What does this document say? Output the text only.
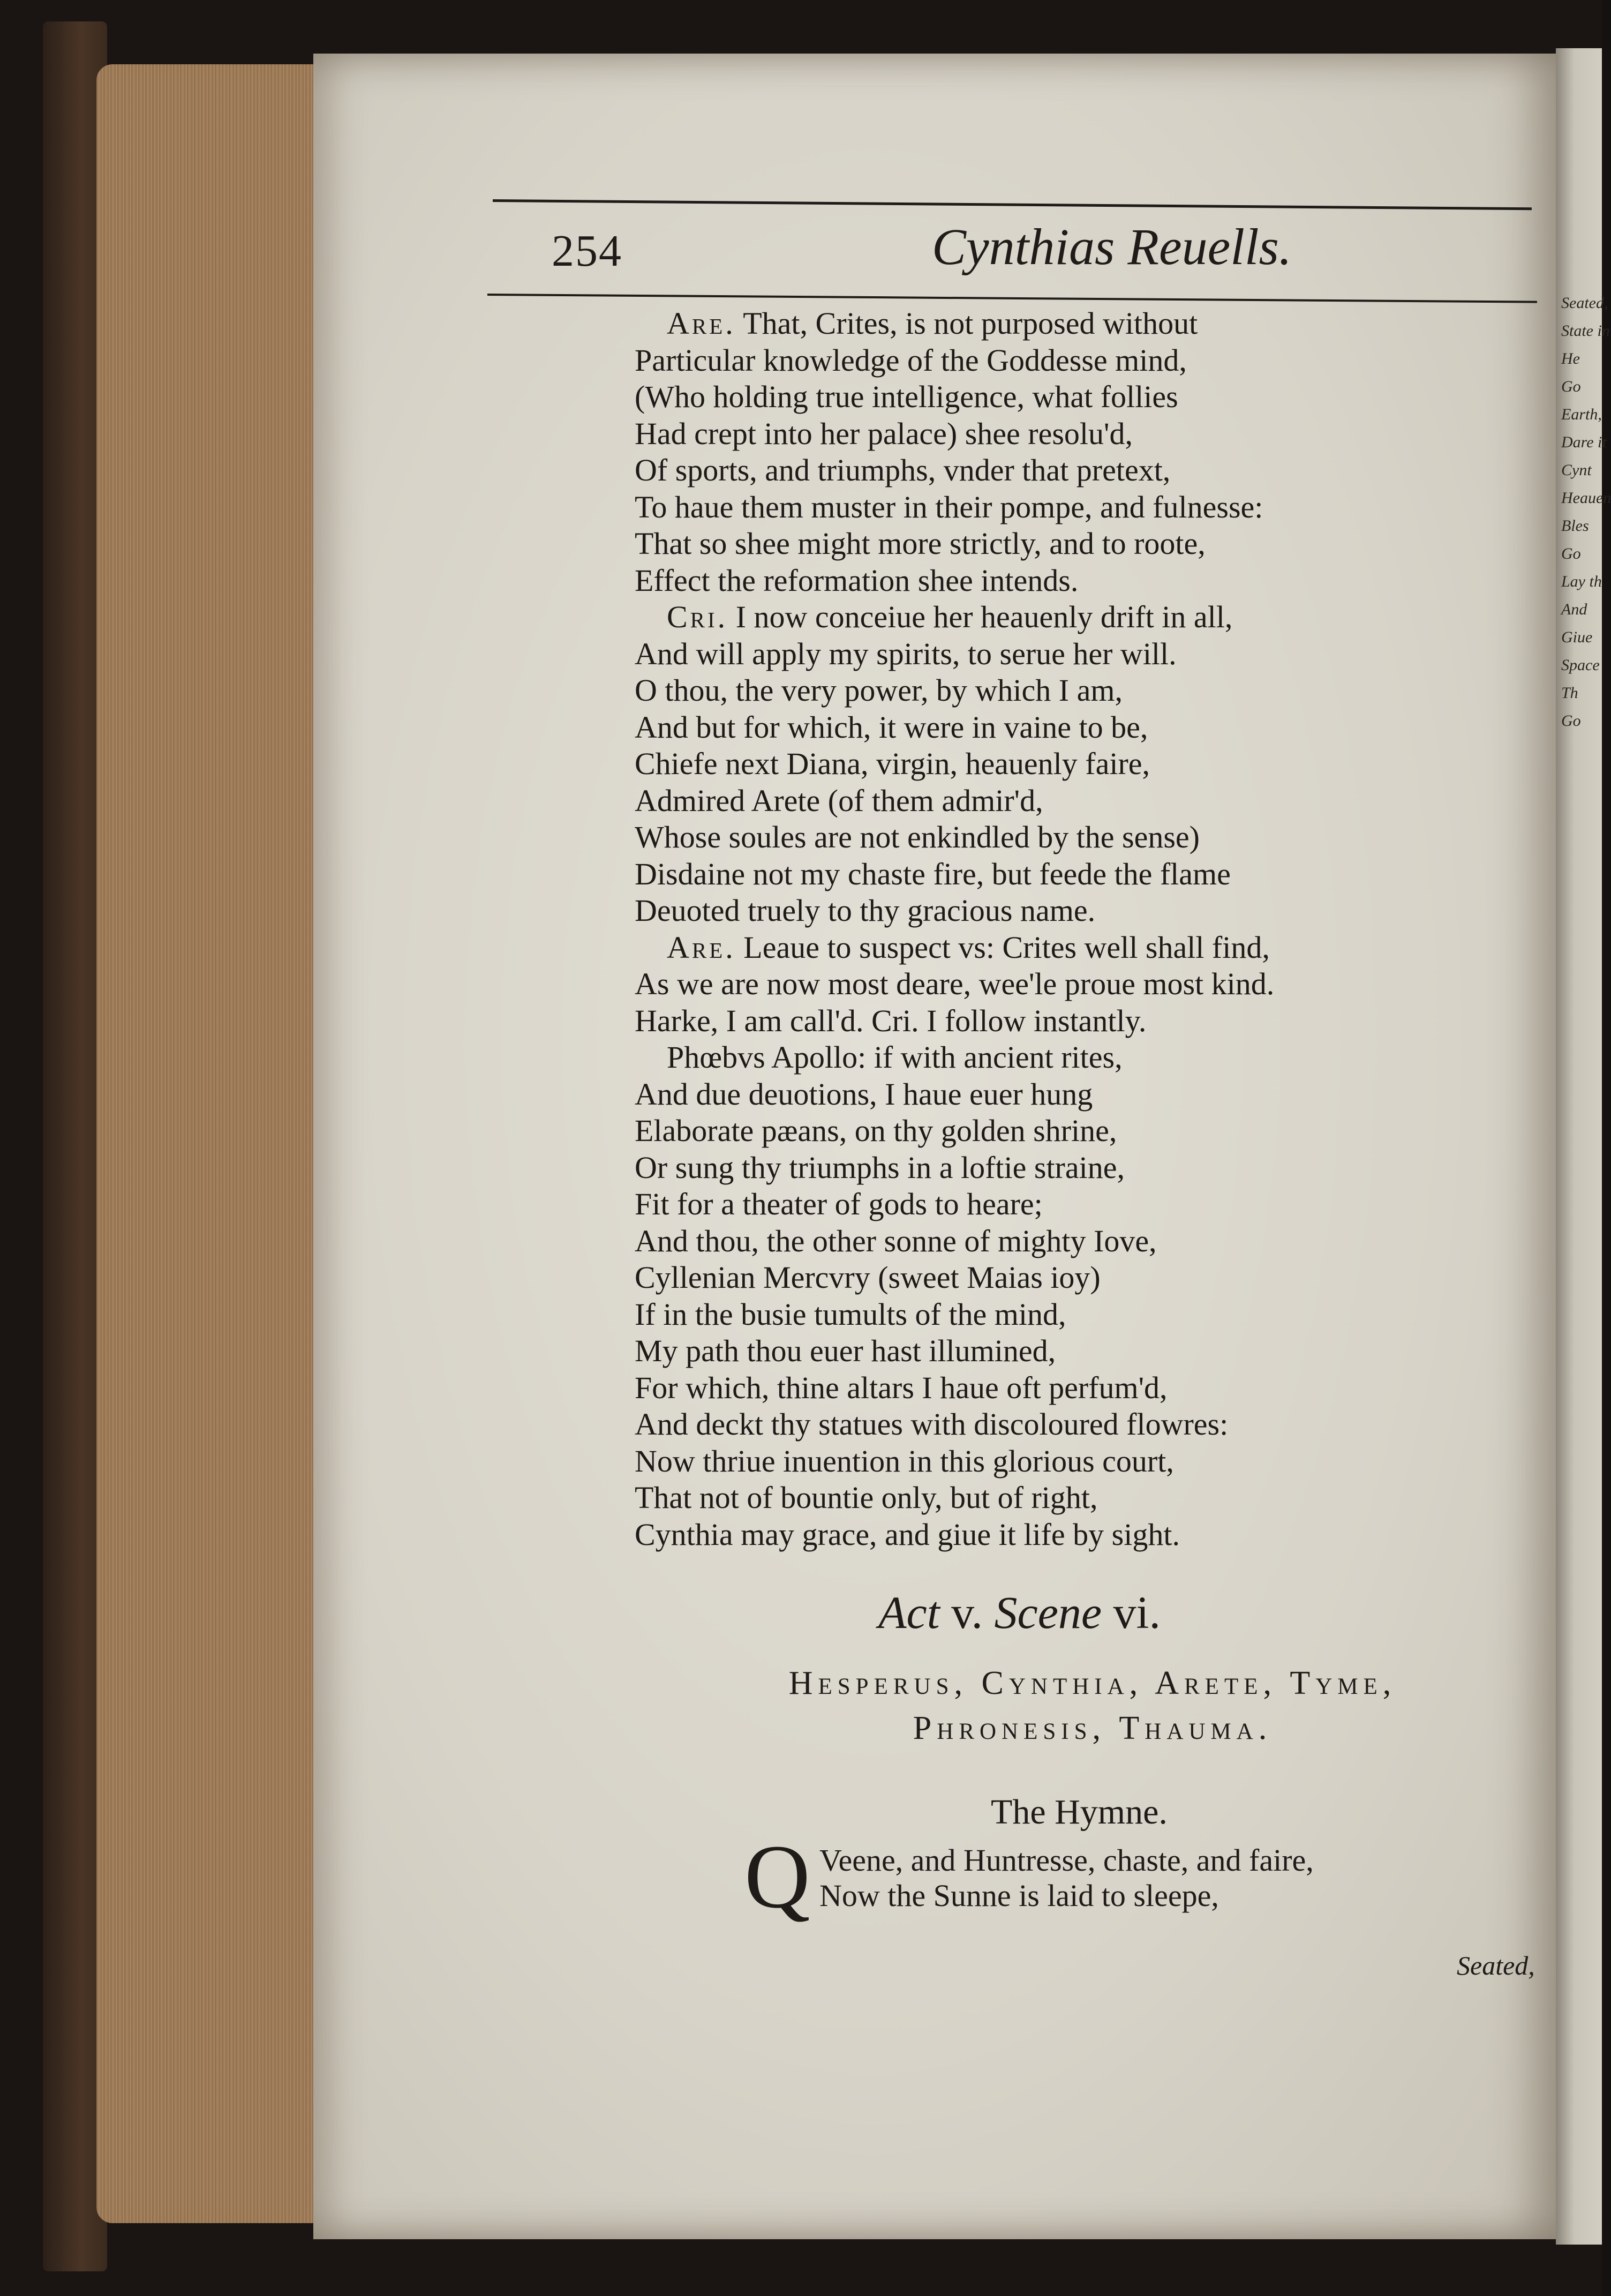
254	Cynthias Reuells.
Are. That, Crites, is not purposed without
Particular knowledge of the Goddesse mind,
(Who holding true intelligence, what follies
Had crept into her palace) shee resolu'd,
Of sports, and triumphs, vnder that pretext,
To haue them muster in their pompe, and fulnesse:
That so shee might more strictly, and to roote,
Effect the reformation shee intends.
Cri. I now conceiue her heauenly drift in all,
And will apply my spirits, to serue her will.
O thou, the very power, by which I am,
And but for which, it were in vaine to be,
Chiefe next Diana, virgin, heauenly faire,
Admired Arete (of them admir'd,
Whose soules are not enkindled by the sense)
Disdaine not my chaste fire, but feede the flame
Deuoted truely to thy gracious name.
Are. Leaue to suspect vs: Crites well shall find,
As we are now most deare, wee'le proue most kind.
Harke, I am call'd. Cri. I follow instantly.
Phœbvs Apollo: if with ancient rites,
And due deuotions, I haue euer hung
Elaborate pæans, on thy golden shrine,
Or sung thy triumphs in a loftie straine,
Fit for a theater of gods to heare;
And thou, the other sonne of mighty Iove,
Cyllenian Mercvry (sweet Maias ioy)
If in the busie tumults of the mind,
My path thou euer hast illumined,
For which, thine altars I haue oft perfum'd,
And deckt thy statues with discoloured flowres:
Now thriue inuention in this glorious court,
That not of bountie only, but of right,
Cynthia may grace, and giue it life by sight.
Act v. Scene vi.
Hesperus, Cynthia, Arete, Tyme,
Phronesis, Thauma.
The Hymne.
Q Veene, and Huntresse, chaste, and faire,
Now the Sunne is laid to sleepe,
Seated,
Seated,
State in
He
Go
Earth,
Dare it
Cynt
Heauen
Bles
Go
Lay th
And
Giue
Space
Th
Go
